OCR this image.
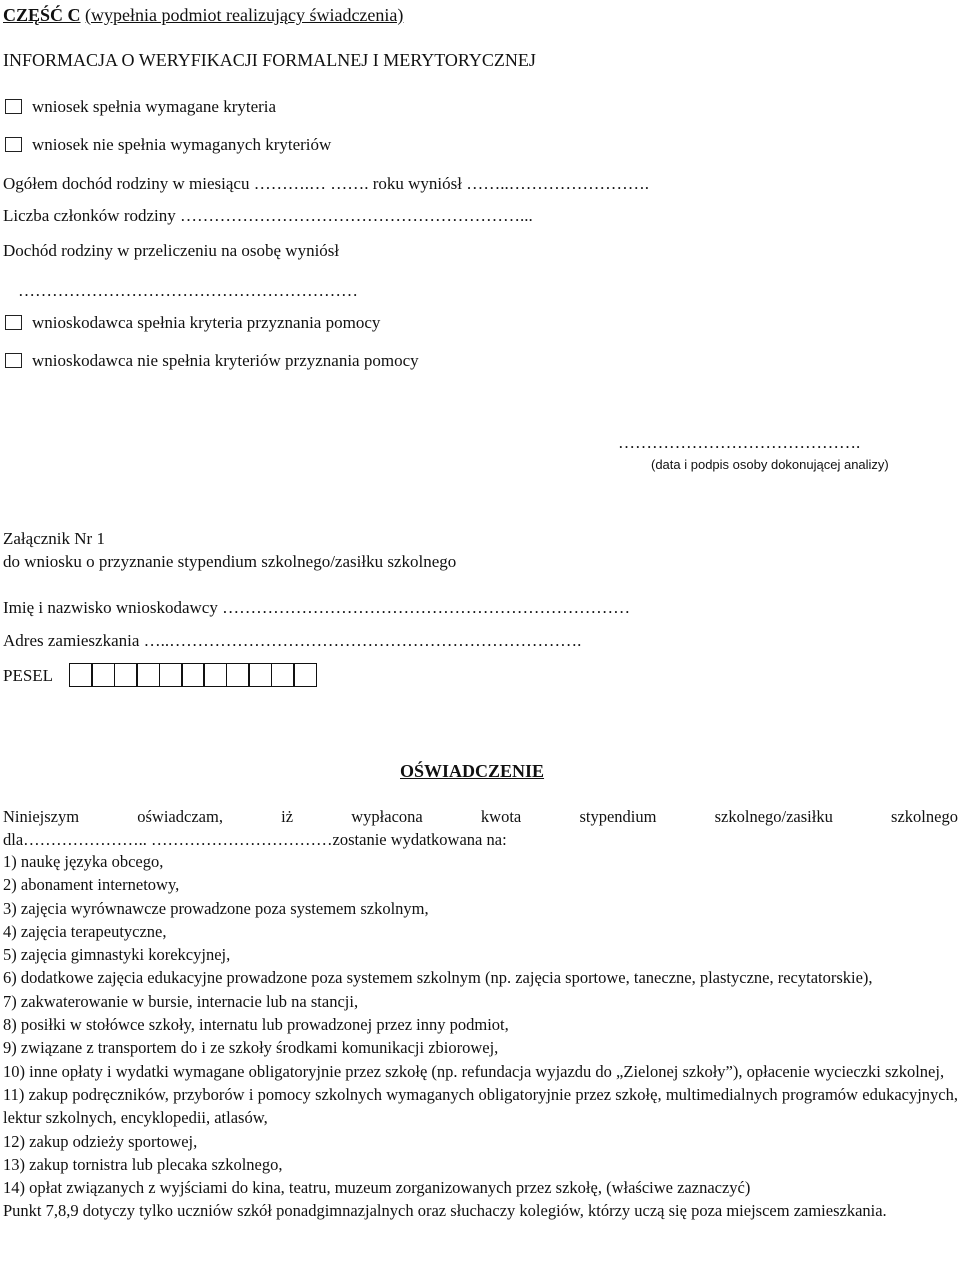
CZĘŚĆ C (wypełnia podmiot realizujący świadczenia)
INFORMACJA O WERYFIKACJI FORMALNEJ I MERYTORYCZNEJ
wniosek spełnia wymagane kryteria
wniosek nie spełnia wymaganych kryteriów
Ogółem dochód rodziny w miesiącu ……….… ……. roku wyniósł ……..…………………….
Liczba członków rodziny ……………………………………………………...
Dochód rodziny w przeliczeniu na osobę wyniósł
……………………………………………………
wnioskodawca spełnia kryteria przyznania pomocy
wnioskodawca nie spełnia kryteriów przyznania pomocy
…………………………………….
(data i podpis osoby dokonującej analizy)
Załącznik Nr 1
do wniosku o przyznanie stypendium szkolnego/zasiłku szkolnego
Imię i nazwisko wnioskodawcy ………………………………………………………………
Adres zamieszkania …..……………………………………………………………….
PESEL
OŚWIADCZENIE
Niniejszym	oświadczam,	iż	wypłacona	kwota	stypendium	szkolnego/zasiłku	szkolnego
dla………………….. ……………………………zostanie wydatkowana na:
1) naukę języka obcego,
2) abonament internetowy,
3) zajęcia wyrównawcze prowadzone poza systemem szkolnym,
4) zajęcia terapeutyczne,
5) zajęcia gimnastyki korekcyjnej,
6) dodatkowe zajęcia edukacyjne prowadzone poza systemem szkolnym (np. zajęcia sportowe, taneczne, plastyczne, recytatorskie),
7) zakwaterowanie w bursie, internacie lub na stancji,
8) posiłki w stołówce szkoły, internatu lub prowadzonej przez inny podmiot,
9) związane z transportem do i ze szkoły środkami komunikacji zbiorowej,
10) inne opłaty i wydatki wymagane obligatoryjnie przez szkołę (np. refundacja wyjazdu do „Zielonej szkoły”), opłacenie wycieczki szkolnej,
11) zakup podręczników, przyborów i pomocy szkolnych wymaganych obligatoryjnie przez szkołę, multimedialnych programów edukacyjnych, lektur szkolnych, encyklopedii, atlasów,
12) zakup odzieży sportowej,
13) zakup tornistra lub plecaka szkolnego,
14) opłat związanych z wyjściami do kina, teatru, muzeum zorganizowanych przez szkołę, (właściwe zaznaczyć)
Punkt 7,8,9 dotyczy tylko uczniów szkół ponadgimnazjalnych oraz słuchaczy kolegiów, którzy uczą się poza miejscem zamieszkania.
